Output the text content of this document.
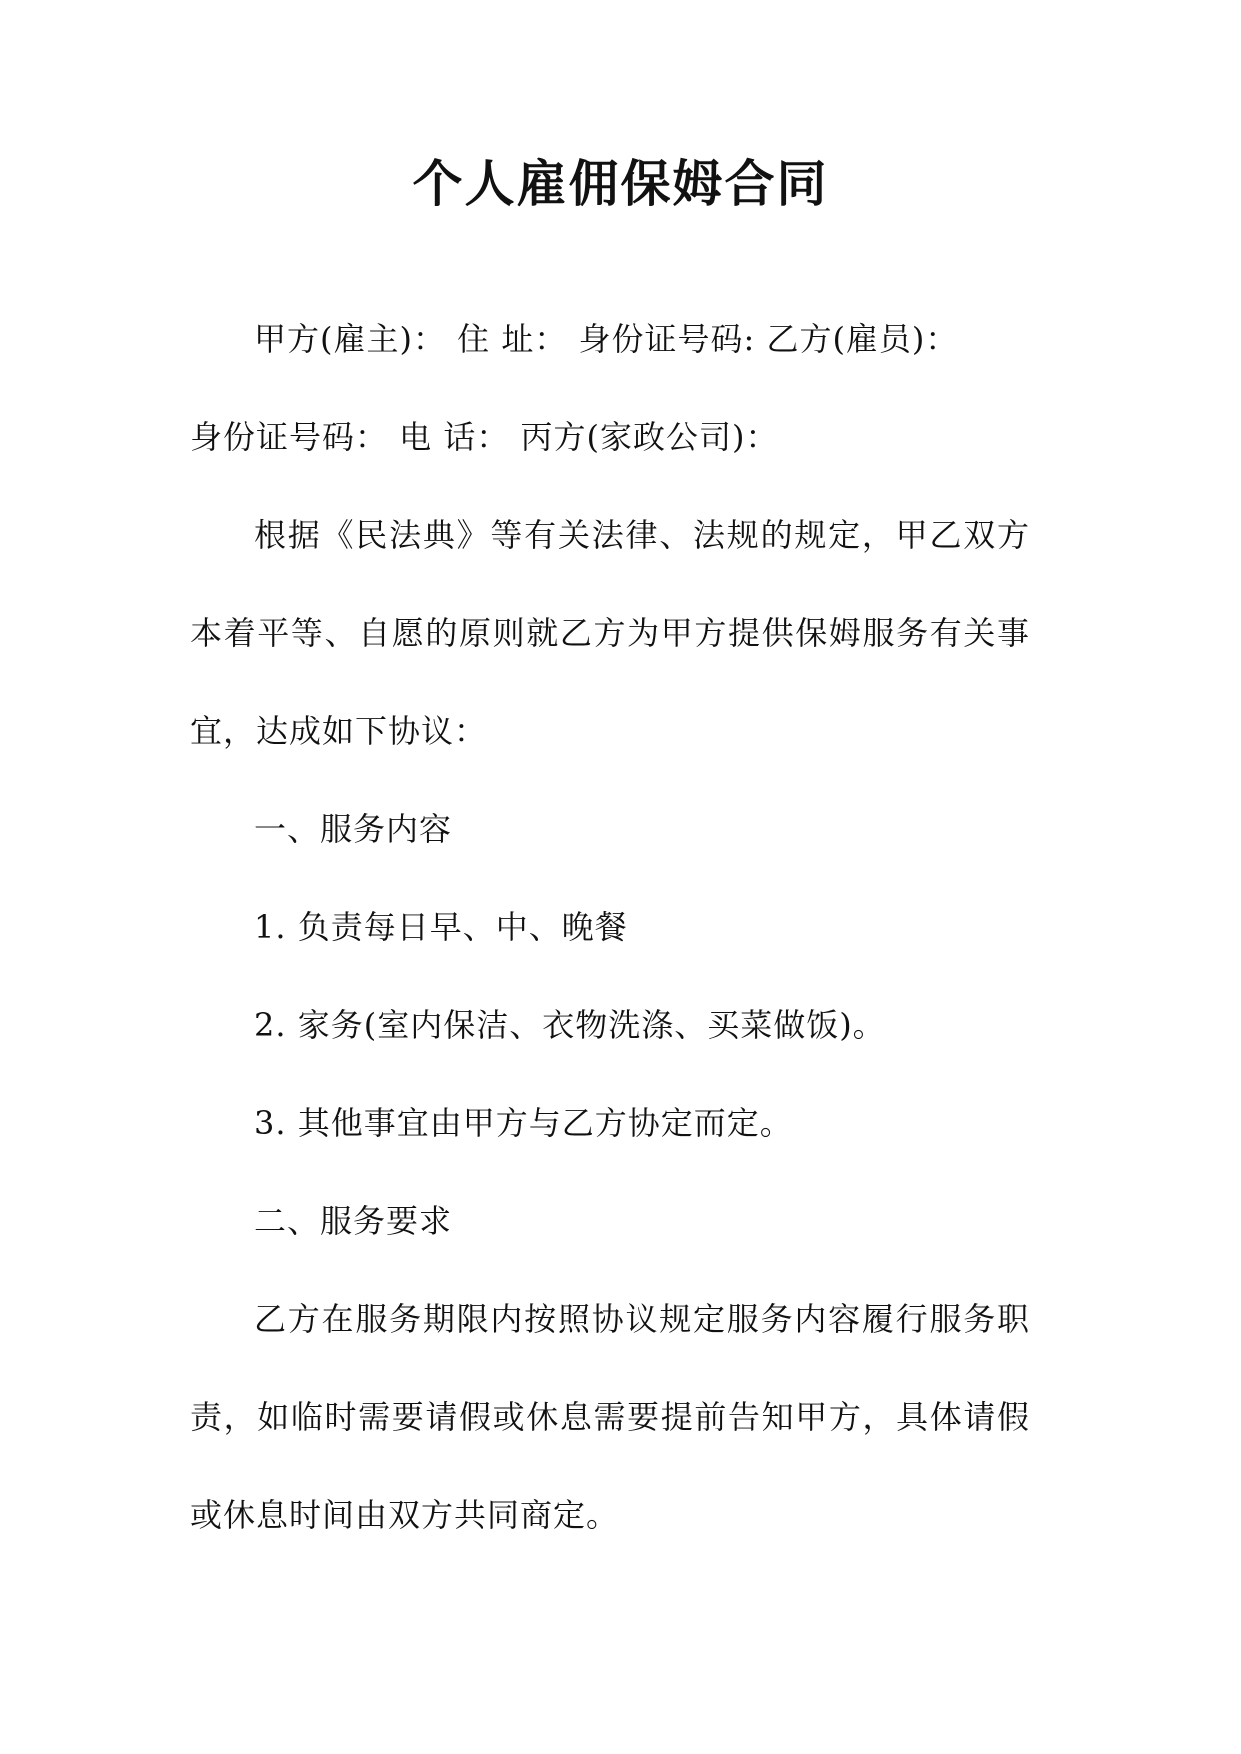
个人雇佣保姆合同

甲方(雇主)： 住 址： 身份证号码: 乙方(雇员)：

身份证号码： 电 话： 丙方(家政公司)：

根据《民法典》等有关法律、法规的规定，甲乙双方本着平等、自愿的原则就乙方为甲方提供保姆服务有关事宜，达成如下协议：

一、服务内容

1. 负责每日早、中、晚餐

2. 家务(室内保洁、衣物洗涤、买菜做饭)。

3. 其他事宜由甲方与乙方协定而定。

二、服务要求

乙方在服务期限内按照协议规定服务内容履行服务职责，如临时需要请假或休息需要提前告知甲方，具体请假或休息时间由双方共同商定。
